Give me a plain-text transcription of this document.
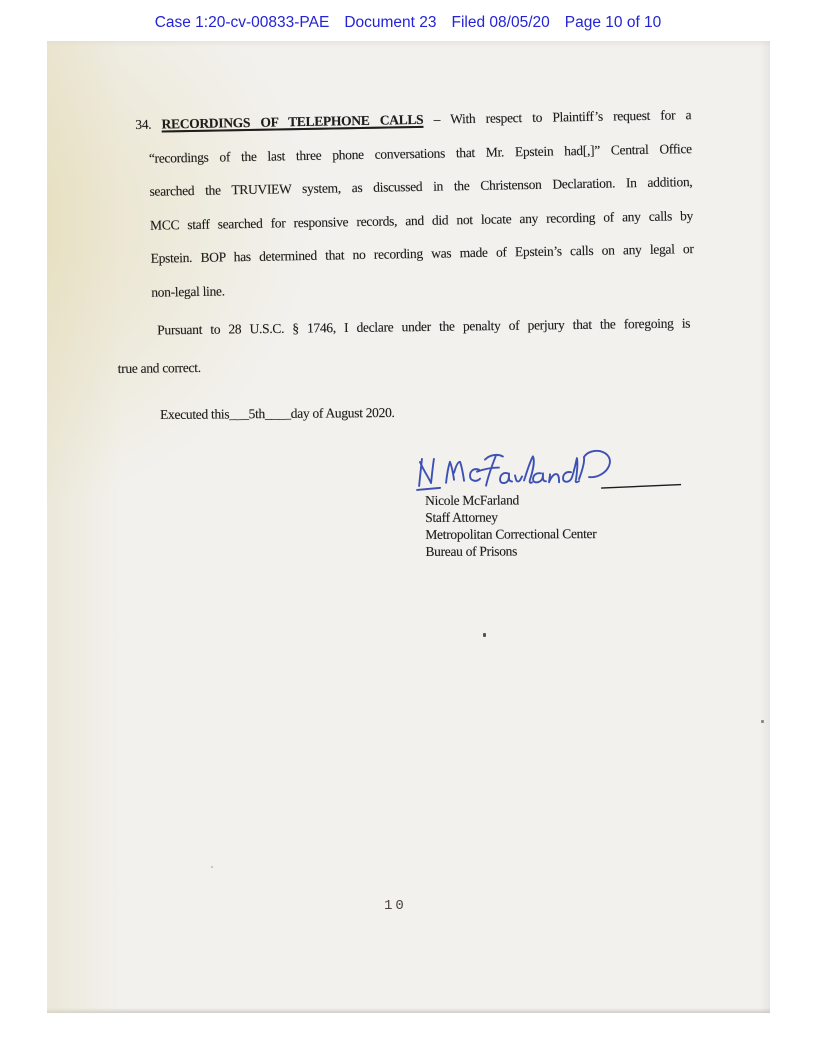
Case 1:20-cv-00833-PAE Document 23 Filed 08/05/20 Page 10 of 10
34. RECORDINGS OF TELEPHONE CALLS – With respect to Plaintiff’s request for a
“recordings of the last three phone conversations that Mr. Epstein had[,]” Central Office
searched the TRUVIEW system, as discussed in the Christenson Declaration. In addition,
MCC staff searched for responsive records, and did not locate any recording of any calls by
Epstein. BOP has determined that no recording was made of Epstein’s calls on any legal or
non-legal line.
Pursuant to 28 U.S.C. § 1746, I declare under the penalty of perjury that the foregoing is
true and correct.
Executed this___5th____day of August 2020.
Nicole McFarland
Staff Attorney
Metropolitan Correctional Center
Bureau of Prisons
10
